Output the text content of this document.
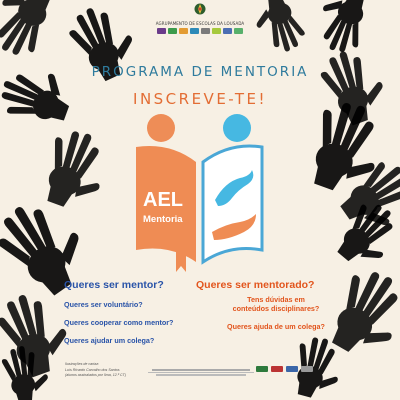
AGRUPAMENTO DE ESCOLAS DA LOUSADA
PROGRAMA DE MENTORIA
INSCREVE-TE!
AEL
Mentoria
Queres ser mentor?
Queres ser voluntário?
Queres cooperar como mentor?
Queres ajudar um colega?
Queres ser mentorado?
Tens dúvidas em conteúdos disciplinares?
Queres ajuda de um colega?
Ilustrações de cartaz:
Luís Ricardo Carvalho dos Santos
(alunos assinalados por Ilma, 12.º CT)
